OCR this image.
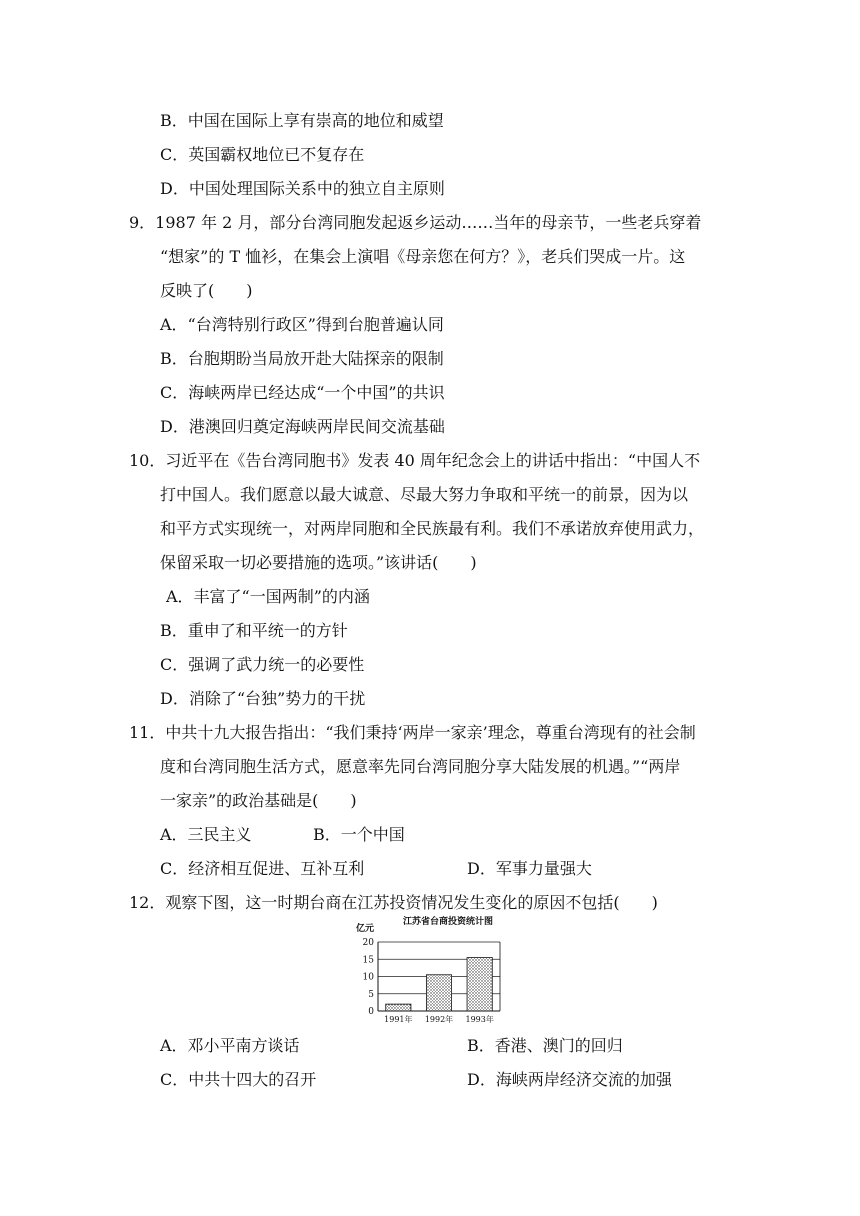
B．中国在国际上享有崇高的地位和威望
C．英国霸权地位已不复存在
D．中国处理国际关系中的独立自主原则
9．1987 年 2 月，部分台湾同胞发起返乡运动……当年的母亲节，一些老兵穿着
“想家”的 T 恤衫，在集会上演唱《母亲您在何方？》，老兵们哭成一片。这
反映了(　　)
A．“台湾特别行政区”得到台胞普遍认同
B．台胞期盼当局放开赴大陆探亲的限制
C．海峡两岸已经达成“一个中国”的共识
D．港澳回归奠定海峡两岸民间交流基础
10．习近平在《告台湾同胞书》发表 40 周年纪念会上的讲话中指出：“中国人不
打中国人。我们愿意以最大诚意、尽最大努力争取和平统一的前景，因为以
和平方式实现统一，对两岸同胞和全民族最有利。我们不承诺放弃使用武力，
保留采取一切必要措施的选项。”该讲话(　　)
A．丰富了“一国两制”的内涵
B．重申了和平统一的方针
C．强调了武力统一的必要性
D．消除了“台独”势力的干扰
11．中共十九大报告指出：“我们秉持‘两岸一家亲’理念，尊重台湾现有的社会制
度和台湾同胞生活方式，愿意率先同台湾同胞分享大陆发展的机遇。”“两岸
一家亲”的政治基础是(　　)
A．三民主义	B．一个中国
C．经济相互促进、互补互利	D．军事力量强大
12．观察下图，这一时期台商在江苏投资情况发生变化的原因不包括(　　)
亿元
江苏省台商投资统计图
0
5
10
15
20
1991年 1992年 1993年
A．邓小平南方谈话	B．香港、澳门的回归
C．中共十四大的召开	D．海峡两岸经济交流的加强
